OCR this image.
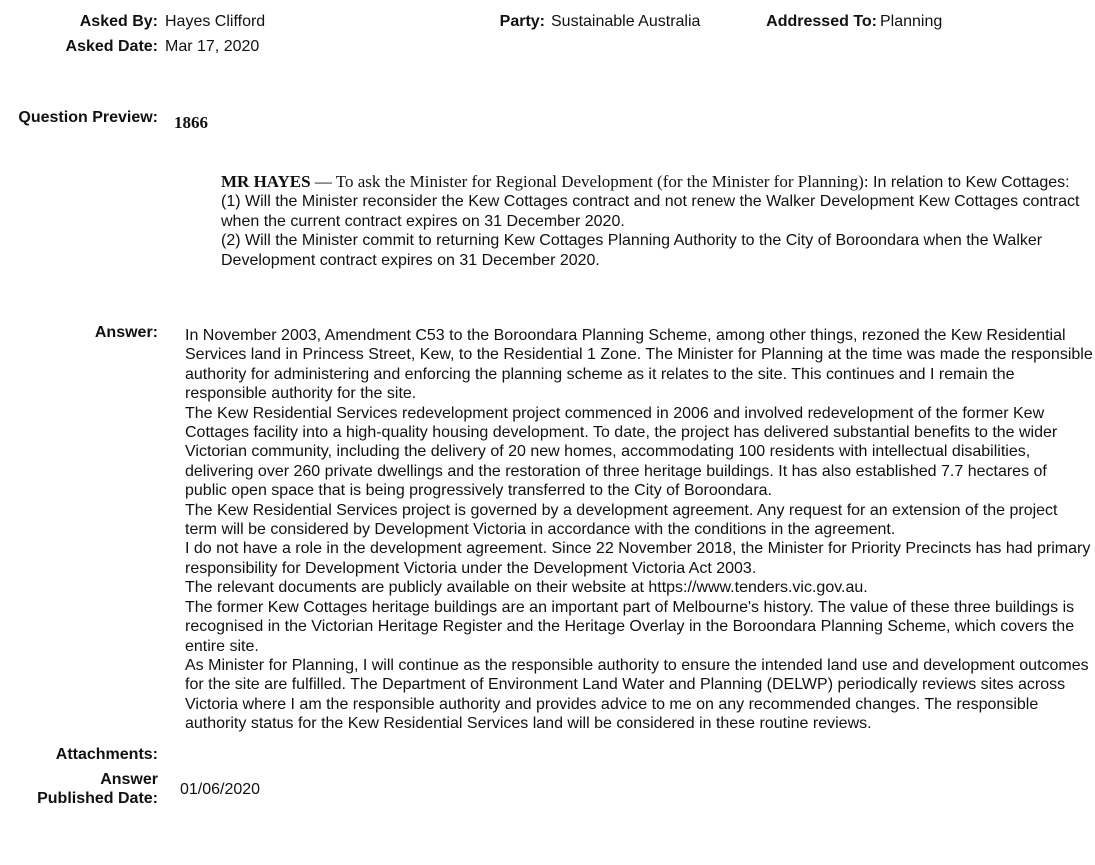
Asked By: Hayes Clifford	Party: Sustainable Australia	Addressed To: Planning
Asked Date: Mar 17, 2020
Question Preview: 1866

MR HAYES — To ask the Minister for Regional Development (for the Minister for Planning): In relation to Kew Cottages:

(1) Will the Minister reconsider the Kew Cottages contract and not renew the Walker Development Kew Cottages contract when the current contract expires on 31 December 2020.

(2) Will the Minister commit to returning Kew Cottages Planning Authority to the City of Boroondara when the Walker Development contract expires on 31 December 2020.

Answer: In November 2003, Amendment C53 to the Boroondara Planning Scheme, among other things, rezoned the Kew Residential Services land in Princess Street, Kew, to the Residential 1 Zone. The Minister for Planning at the time was made the responsible authority for administering and enforcing the planning scheme as it relates to the site. This continues and I remain the responsible authority for the site.

The Kew Residential Services redevelopment project commenced in 2006 and involved redevelopment of the former Kew Cottages facility into a high-quality housing development. To date, the project has delivered substantial benefits to the wider Victorian community, including the delivery of 20 new homes, accommodating 100 residents with intellectual disabilities, delivering over 260 private dwellings and the restoration of three heritage buildings. It has also established 7.7 hectares of public open space that is being progressively transferred to the City of Boroondara.

The Kew Residential Services project is governed by a development agreement. Any request for an extension of the project term will be considered by Development Victoria in accordance with the conditions in the agreement.

I do not have a role in the development agreement. Since 22 November 2018, the Minister for Priority Precincts has had primary responsibility for Development Victoria under the Development Victoria Act 2003.

The relevant documents are publicly available on their website at https://www.tenders.vic.gov.au.

The former Kew Cottages heritage buildings are an important part of Melbourne's history. The value of these three buildings is recognised in the Victorian Heritage Register and the Heritage Overlay in the Boroondara Planning Scheme, which covers the entire site.

As Minister for Planning, I will continue as the responsible authority to ensure the intended land use and development outcomes for the site are fulfilled. The Department of Environment Land Water and Planning (DELWP) periodically reviews sites across Victoria where I am the responsible authority and provides advice to me on any recommended changes. The responsible authority status for the Kew Residential Services land will be considered in these routine reviews.

Attachments:
Answer
Published Date:
01/06/2020
